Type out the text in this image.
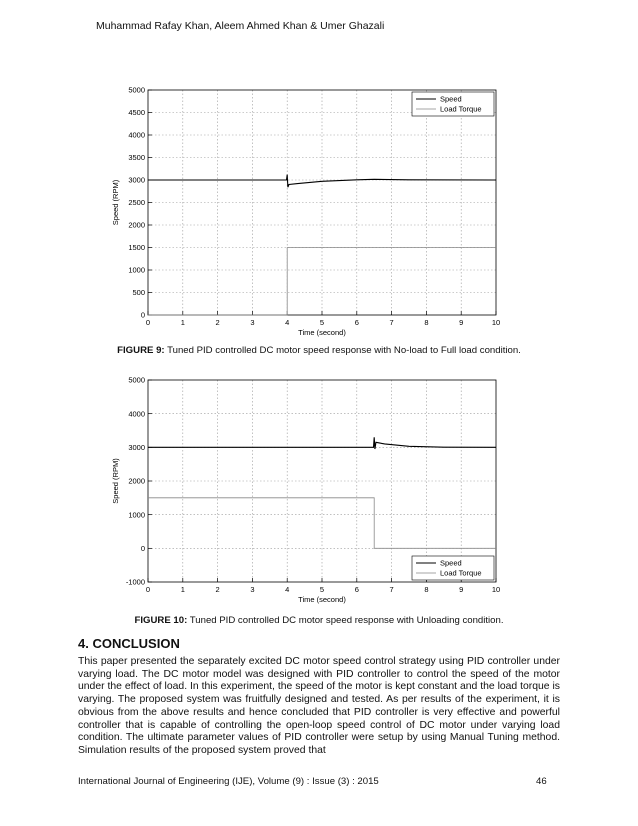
Muhammad Rafay Khan, Aleem Ahmed Khan & Umer Ghazali
0	1	2	3	4	5	6	7	8	9	10
0
500
1000
1500
2000
2500
3000
3500
4000
4500
5000
Time (second)
Speed (RPM)
Speed
Load Torque
FIGURE 9: Tuned PID controlled DC motor speed response with No-load to Full load condition.
0	1	2	3	4	5	6	7	8	9	10
-1000
0
1000
2000
3000
4000
5000
Time (second)
Speed (RPM)
Speed
Load Torque
FIGURE 10: Tuned PID controlled DC motor speed response with Unloading condition.
4. CONCLUSION
This paper presented the separately excited DC motor speed control strategy using PID controller under varying load. The DC motor model was designed with PID controller to control the speed of the motor under the effect of load. In this experiment, the speed of the motor is kept constant and the load torque is varying. The proposed system was fruitfully designed and tested. As per results of the experiment, it is obvious from the above results and hence concluded that PID controller is very effective and powerful controller that is capable of controlling the open-loop speed control of DC motor under varying load condition. The ultimate parameter values of PID controller were setup by using Manual Tuning method. Simulation results of the proposed system proved that
International Journal of Engineering (IJE), Volume (9) : Issue (3) : 2015	46
